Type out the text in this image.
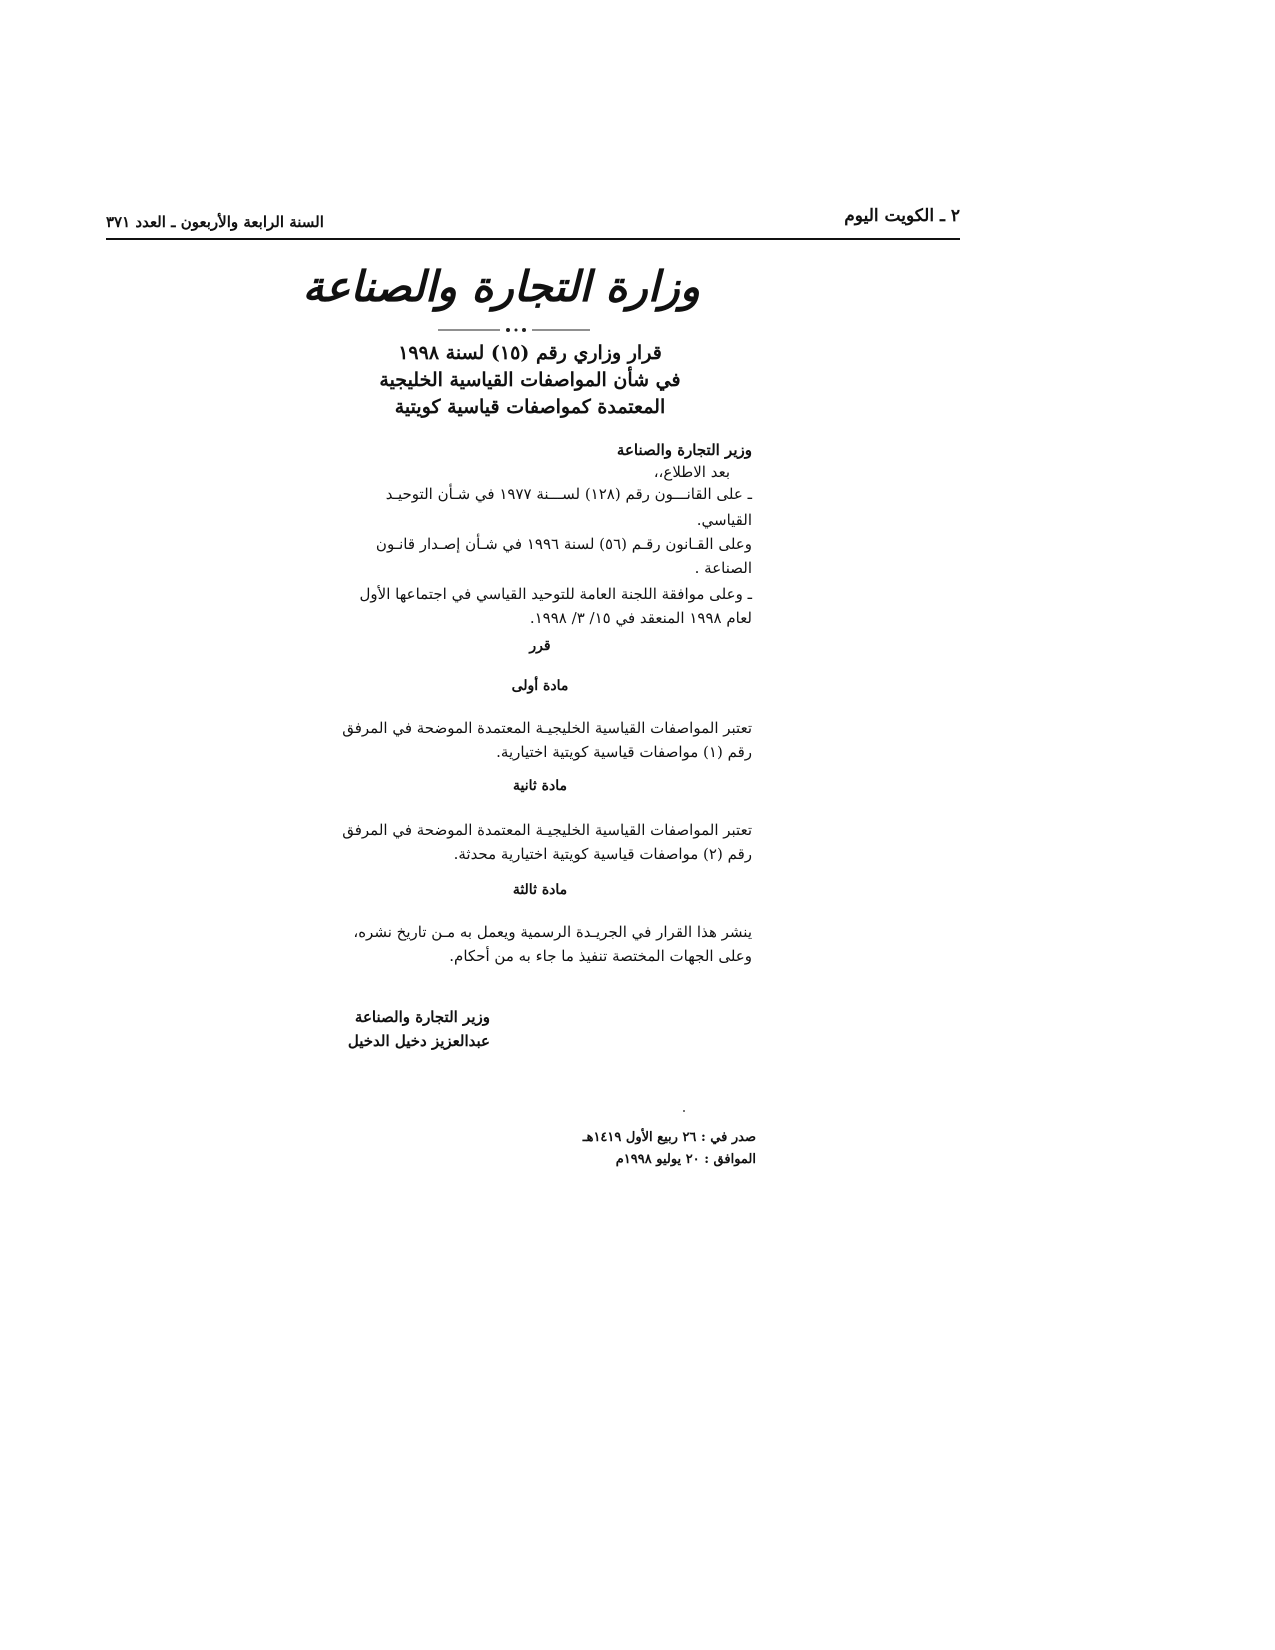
٢ ـ الكويت اليوم
السنة الرابعة والأربعون ـ العدد ٣٧١
وزارة التجارة والصناعة
قرار وزاري رقم (١٥) لسنة ١٩٩٨
في شأن المواصفات القياسية الخليجية
المعتمدة كمواصفات قياسية كويتية
وزير التجارة والصناعة
بعد الاطلاع،،
ـ على القانـــون رقم (١٢٨) لســـنة ١٩٧٧ في شـأن التوحيـد
القياسي.
وعلى القـانون رقـم (٥٦) لسنة ١٩٩٦ في شـأن إصـدار قانـون
الصناعة .
ـ وعلى موافقة اللجنة العامة للتوحيد القياسي في اجتماعها الأول
لعام ١٩٩٨ المنعقد في ١٥/ ٣/ ١٩٩٨.
قرر
مادة أولى
تعتبر المواصفات القياسية الخليجيـة المعتمدة الموضحة في المرفق
رقم (١) مواصفات قياسية كويتية اختيارية.
مادة ثانية
تعتبر المواصفات القياسية الخليجيـة المعتمدة الموضحة في المرفق
رقم (٢) مواصفات قياسية كويتية اختيارية محدثة.
مادة ثالثة
ينشر هذا القرار في الجريـدة الرسمية ويعمل به مـن تاريخ نشره،
وعلى الجهات المختصة تنفيذ ما جاء به من أحكام.
وزير التجارة والصناعة
عبدالعزيز دخيل الدخيل
صدر في : ٢٦ ربيع الأول ١٤١٩هـ
الموافق : ٢٠ يوليو ١٩٩٨م
